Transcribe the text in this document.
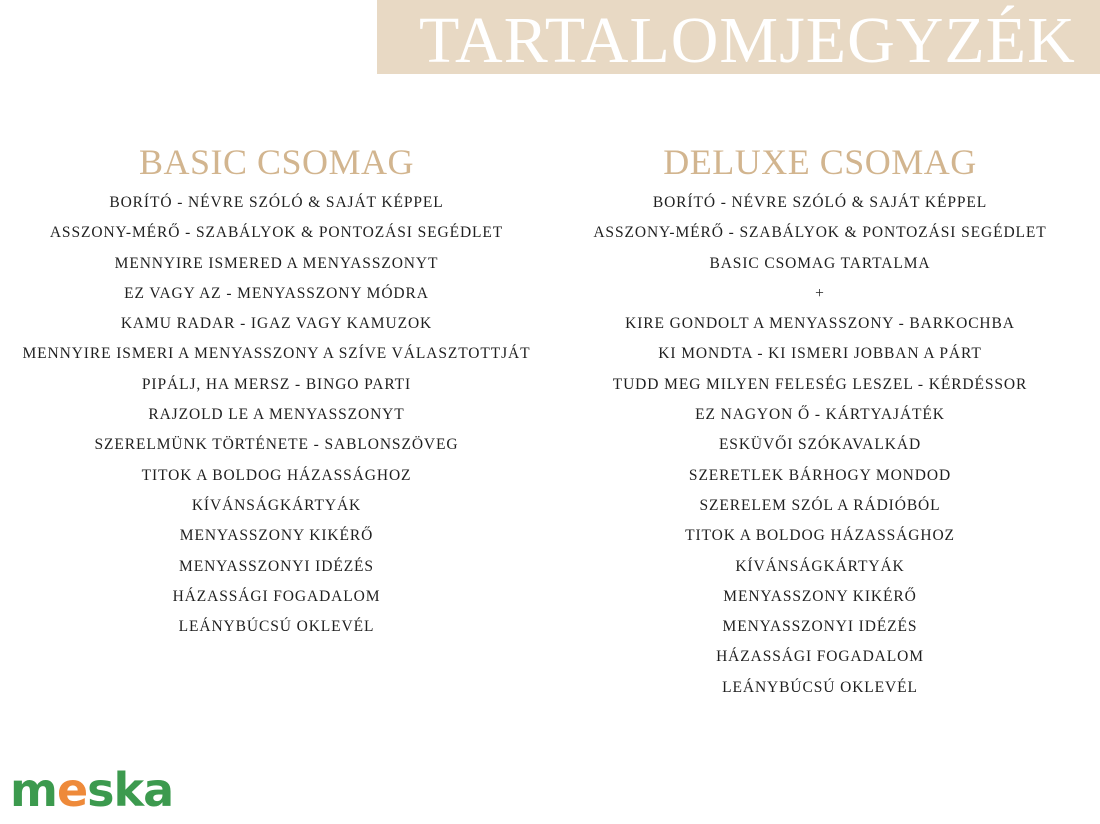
TARTALOMJEGYZÉK
BASIC CSOMAG
BORÍTÓ - NÉVRE SZÓLÓ & SAJÁT KÉPPEL
ASSZONY-MÉRŐ - SZABÁLYOK & PONTOZÁSI SEGÉDLET
MENNYIRE ISMERED A MENYASSZONYT
EZ VAGY AZ - MENYASSZONY MÓDRA
KAMU RADAR - IGAZ VAGY KAMUZOK
MENNYIRE ISMERI A MENYASSZONY A SZÍVE VÁLASZTOTTJÁT
PIPÁLJ, HA MERSZ - BINGO PARTI
RAJZOLD LE A MENYASSZONYT
SZERELMÜNK TÖRTÉNETE - SABLONSZÖVEG
TITOK A BOLDOG HÁZASSÁGHOZ
KÍVÁNSÁGKÁRTYÁK
MENYASSZONY KIKÉRŐ
MENYASSZONYI IDÉZÉS
HÁZASSÁGI FOGADALOM
LEÁNYBÚCSÚ OKLEVÉL
DELUXE CSOMAG
BORÍTÓ - NÉVRE SZÓLÓ & SAJÁT KÉPPEL
ASSZONY-MÉRŐ - SZABÁLYOK & PONTOZÁSI SEGÉDLET
BASIC CSOMAG TARTALMA
+
KIRE GONDOLT A MENYASSZONY - BARKOCHBA
KI MONDTA - KI ISMERI JOBBAN A PÁRT
TUDD MEG MILYEN FELESÉG LESZEL - KÉRDÉSSOR
EZ NAGYON Ő - KÁRTYAJÁTÉK
ESKÜVŐI SZÓKAVALKÁD
SZERETLEK BÁRHOGY MONDOD
SZERELEM SZÓL A RÁDIÓBÓL
TITOK A BOLDOG HÁZASSÁGHOZ
KÍVÁNSÁGKÁRTYÁK
MENYASSZONY KIKÉRŐ
MENYASSZONYI IDÉZÉS
HÁZASSÁGI FOGADALOM
LEÁNYBÚCSÚ OKLEVÉL
meska
